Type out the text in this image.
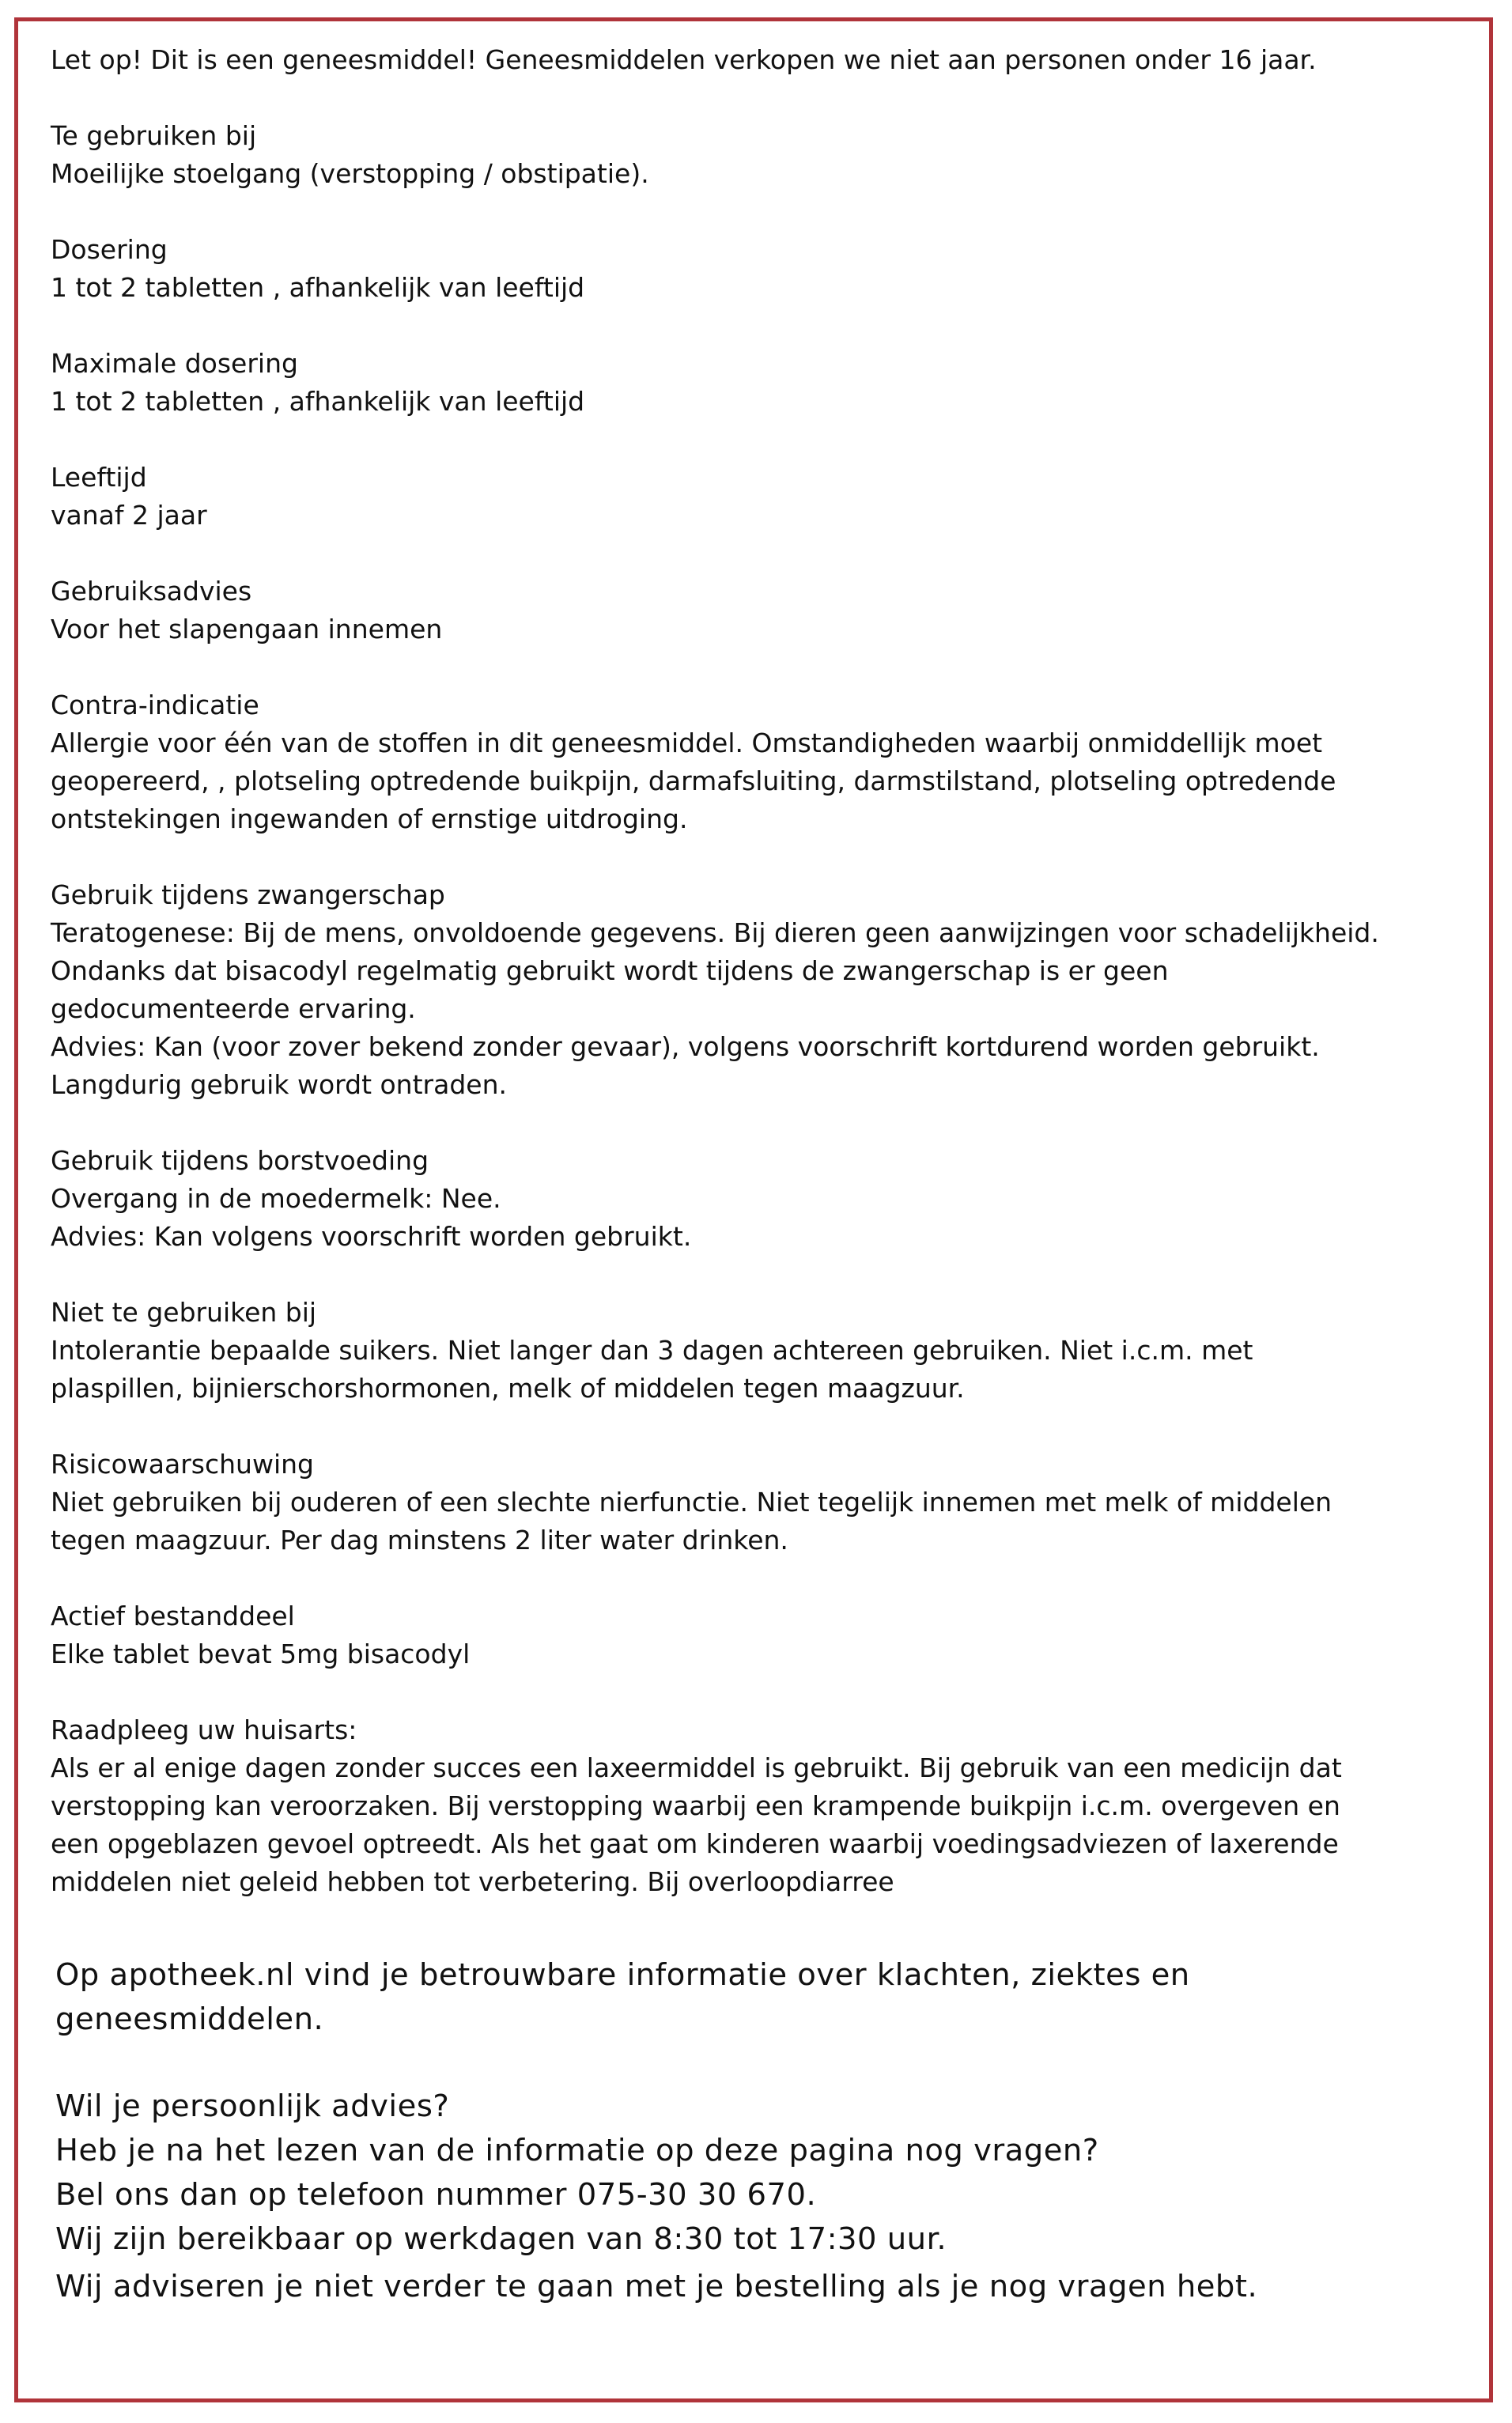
Let op! Dit is een geneesmiddel! Geneesmiddelen verkopen we niet aan personen onder 16 jaar.

Te gebruiken bij

Moeilijke stoelgang (verstopping / obstipatie).

Dosering

1 tot 2 tabletten , afhankelijk van leeftijd

Maximale dosering

1 tot 2 tabletten , afhankelijk van leeftijd

Leeftijd

vanaf 2 jaar

Gebruiksadvies

Voor het slapengaan innemen

Contra-indicatie

Allergie voor één van de stoffen in dit geneesmiddel. Omstandigheden waarbij onmiddellijk moet

geopereerd, , plotseling optredende buikpijn, darmafsluiting, darmstilstand, plotseling optredende

ontstekingen ingewanden of ernstige uitdroging.

Gebruik tijdens zwangerschap

Teratogenese: Bij de mens, onvoldoende gegevens. Bij dieren geen aanwijzingen voor schadelijkheid.

Ondanks dat bisacodyl regelmatig gebruikt wordt tijdens de zwangerschap is er geen

gedocumenteerde ervaring.

Advies: Kan (voor zover bekend zonder gevaar), volgens voorschrift kortdurend worden gebruikt.

Langdurig gebruik wordt ontraden.

Gebruik tijdens borstvoeding

Overgang in de moedermelk: Nee.

Advies: Kan volgens voorschrift worden gebruikt.

Niet te gebruiken bij

Intolerantie bepaalde suikers. Niet langer dan 3 dagen achtereen gebruiken. Niet i.c.m. met

plaspillen, bijnierschorshormonen, melk of middelen tegen maagzuur.

Risicowaarschuwing

Niet gebruiken bij ouderen of een slechte nierfunctie. Niet tegelijk innemen met melk of middelen

tegen maagzuur. Per dag minstens 2 liter water drinken.

Actief bestanddeel

Elke tablet bevat 5mg bisacodyl

Raadpleeg uw huisarts:

Als er al enige dagen zonder succes een laxeermiddel is gebruikt. Bij gebruik van een medicijn dat

verstopping kan veroorzaken. Bij verstopping waarbij een krampende buikpijn i.c.m. overgeven en

een opgeblazen gevoel optreedt. Als het gaat om kinderen waarbij voedingsadviezen of laxerende

middelen niet geleid hebben tot verbetering. Bij overloopdiarree

Op apotheek.nl vind je betrouwbare informatie over klachten, ziektes en

geneesmiddelen.

Wil je persoonlijk advies?

Heb je na het lezen van de informatie op deze pagina nog vragen?

Bel ons dan op telefoon nummer 075-30 30 670.

Wij zijn bereikbaar op werkdagen van 8:30 tot 17:30 uur.

Wij adviseren je niet verder te gaan met je bestelling als je nog vragen hebt.
